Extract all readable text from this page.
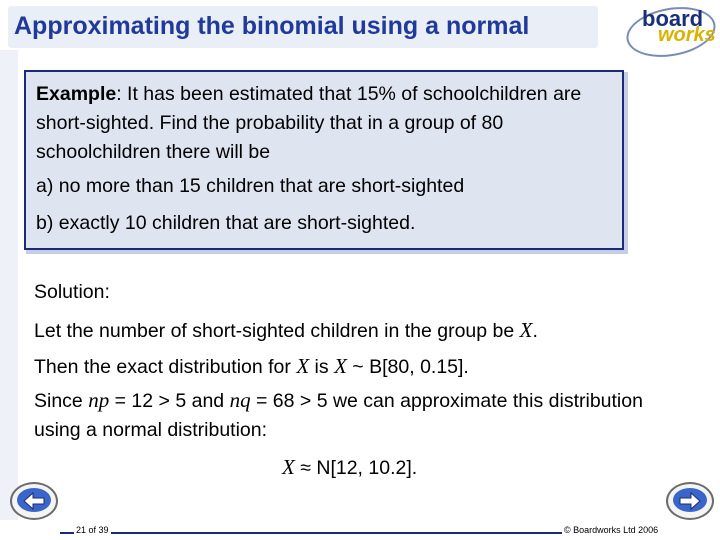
Approximating the binomial using a normal	board
works
Example: It has been estimated that 15% of schoolchildren are short-sighted. Find the probability that in a group of 80 schoolchildren there will be
a) no more than 15 children that are short-sighted
b) exactly 10 children that are short-sighted.
Solution:
Let the number of short-sighted children in the group be X.
Then the exact distribution for X is X ~ B[80, 0.15].
Since np = 12 > 5 and nq = 68 > 5 we can approximate this distribution using a normal distribution:
X ≈ N[12, 10.2].
21 of 39	© Boardworks Ltd 2006
